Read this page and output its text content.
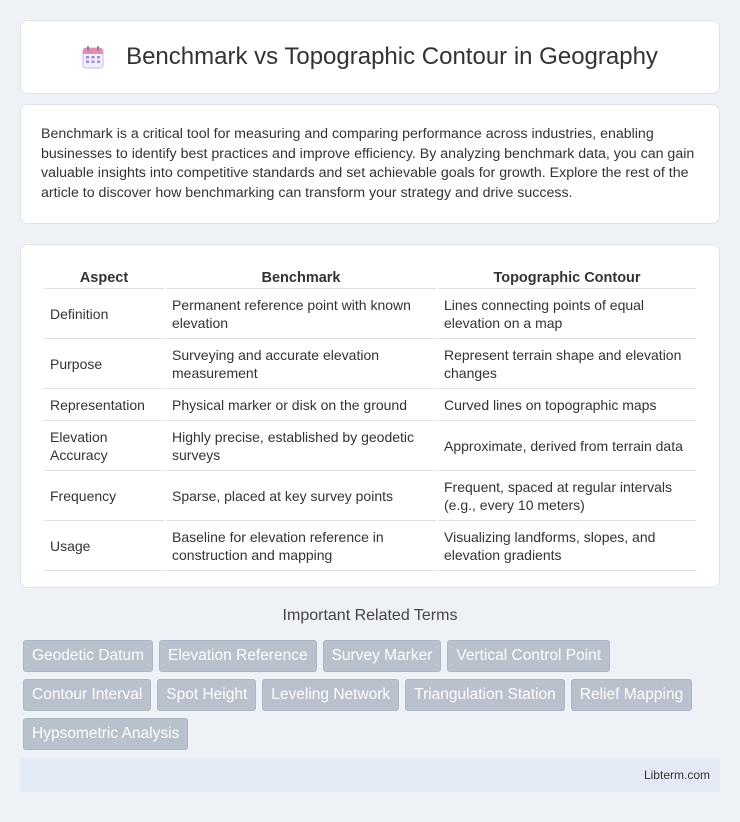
Benchmark vs Topographic Contour in Geography

Benchmark is a critical tool for measuring and comparing performance across industries, enabling businesses to identify best practices and improve efficiency. By analyzing benchmark data, you can gain valuable insights into competitive standards and set achievable goals for growth. Explore the rest of the article to discover how benchmarking can transform your strategy and drive success.

Aspect	Benchmark	Topographic Contour
Definition	Permanent reference point with known elevation	Lines connecting points of equal elevation on a map
Purpose	Surveying and accurate elevation measurement	Represent terrain shape and elevation changes
Representation	Physical marker or disk on the ground	Curved lines on topographic maps
Elevation Accuracy	Highly precise, established by geodetic surveys	Approximate, derived from terrain data
Frequency	Sparse, placed at key survey points	Frequent, spaced at regular intervals (e.g., every 10 meters)
Usage	Baseline for elevation reference in construction and mapping	Visualizing landforms, slopes, and elevation gradients
Important Related Terms
Geodetic Datum	Elevation Reference	Survey Marker	Vertical Control Point
Contour Interval	Spot Height	Leveling Network	Triangulation Station	Relief Mapping
Hypsometric Analysis
Libterm.com
